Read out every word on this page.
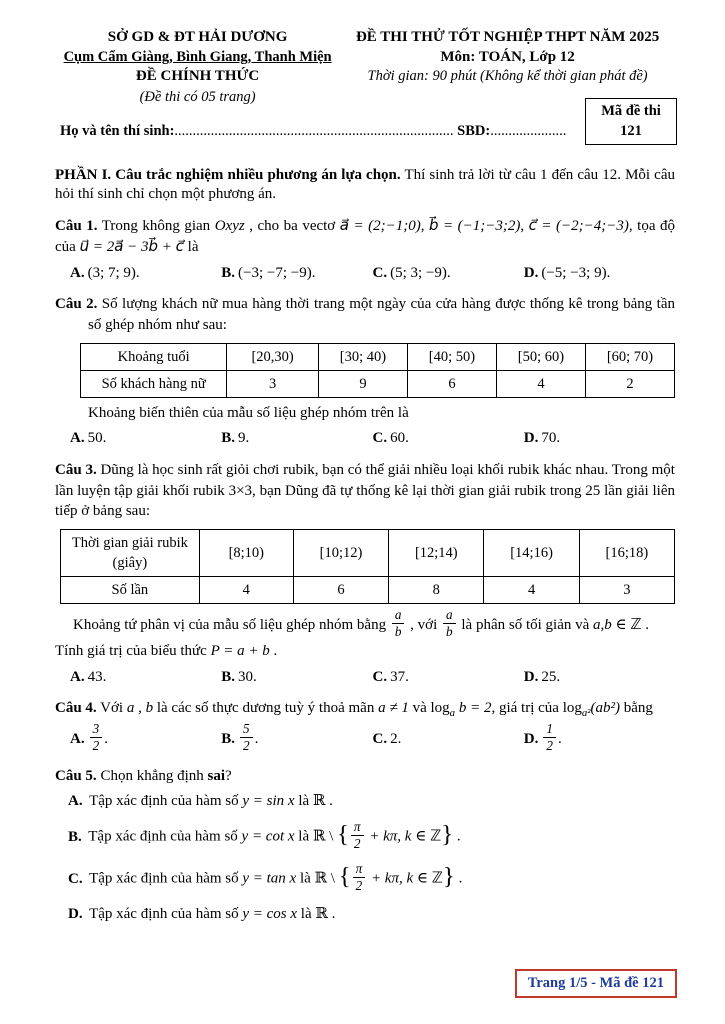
SỞ GD & ĐT HẢI DƯƠNG
Cụm Cẩm Giàng, Bình Giang, Thanh Miện
ĐỀ CHÍNH THỨC
(Đề thi có 05 trang)
ĐỀ THI THỬ TỐT NGHIỆP THPT NĂM 2025
Môn: TOÁN, Lớp 12
Thời gian: 90 phút (Không kể thời gian phát đề)
Mã đề thi
121
Họ và tên thí sinh:............................................................................. SBD:.....................
PHẦN I. Câu trắc nghiệm nhiều phương án lựa chọn. Thí sinh trả lời từ câu 1 đến câu 12. Mỗi câu hỏi thí sinh chỉ chọn một phương án.
Câu 1. Trong không gian Oxyz , cho ba vectơ a⃗ = (2;−1;0), b⃗ = (−1;−3;2), c⃗ = (−2;−4;−3), tọa độ của u⃗ = 2a⃗ − 3b⃗ + c⃗ là
A. (3; 7; 9).	B. (−3; −7; −9).	C. (5; 3; −9).	D. (−5; −3; 9).
Câu 2. Số lượng khách nữ mua hàng thời trang một ngày của cửa hàng được thống kê trong bảng tần số ghép nhóm như sau:
Khoảng tuổi	[20,30)	[30; 40)	[40; 50)	[50; 60)	[60; 70)
Số khách hàng nữ	3	9	6	4	2
Khoảng biến thiên của mẫu số liệu ghép nhóm trên là
A. 50.	B. 9.	C. 60.	D. 70.
Câu 3. Dũng là học sinh rất giỏi chơi rubik, bạn có thể giải nhiều loại khối rubik khác nhau. Trong một lần luyện tập giải khối rubik 3×3, bạn Dũng đã tự thống kê lại thời gian giải rubik trong 25 lần giải liên tiếp ở bảng sau:
Thời gian giải rubik (giây)	[8;10)	[10;12)	[12;14)	[14;16)	[16;18)
Số lần	4	6	8	4	3
Khoảng tứ phân vị của mẫu số liệu ghép nhóm bằng $\frac{a}{b}$ , với $\frac{a}{b}$ là phân số tối giản và a,b ∈ ℤ .
Tính giá trị của biểu thức P = a + b .
A. 43.	B. 30.	C. 37.	D. 25.
Câu 4. Với a , b là các số thực dương tuỳ ý thoả mãn a ≠ 1 và $\log_a b = 2$, giá trị của $\log_{a^2}(ab^2)$ bằng
A. $\frac{3}{2}$ .	B. $\frac{5}{2}$ .	C. 2.	D. $\frac{1}{2}$ .
Câu 5. Chọn khẳng định sai?
A. Tập xác định của hàm số y = sin x là ℝ .
B. Tập xác định của hàm số y = cot x là ℝ \ { $\frac{\pi}{2} + k\pi$, k ∈ ℤ} .
C. Tập xác định của hàm số y = tan x là ℝ \ { $\frac{\pi}{2} + k\pi$, k ∈ ℤ} .
D. Tập xác định của hàm số y = cos x là ℝ .
Trang 1/5 - Mã đề 121
